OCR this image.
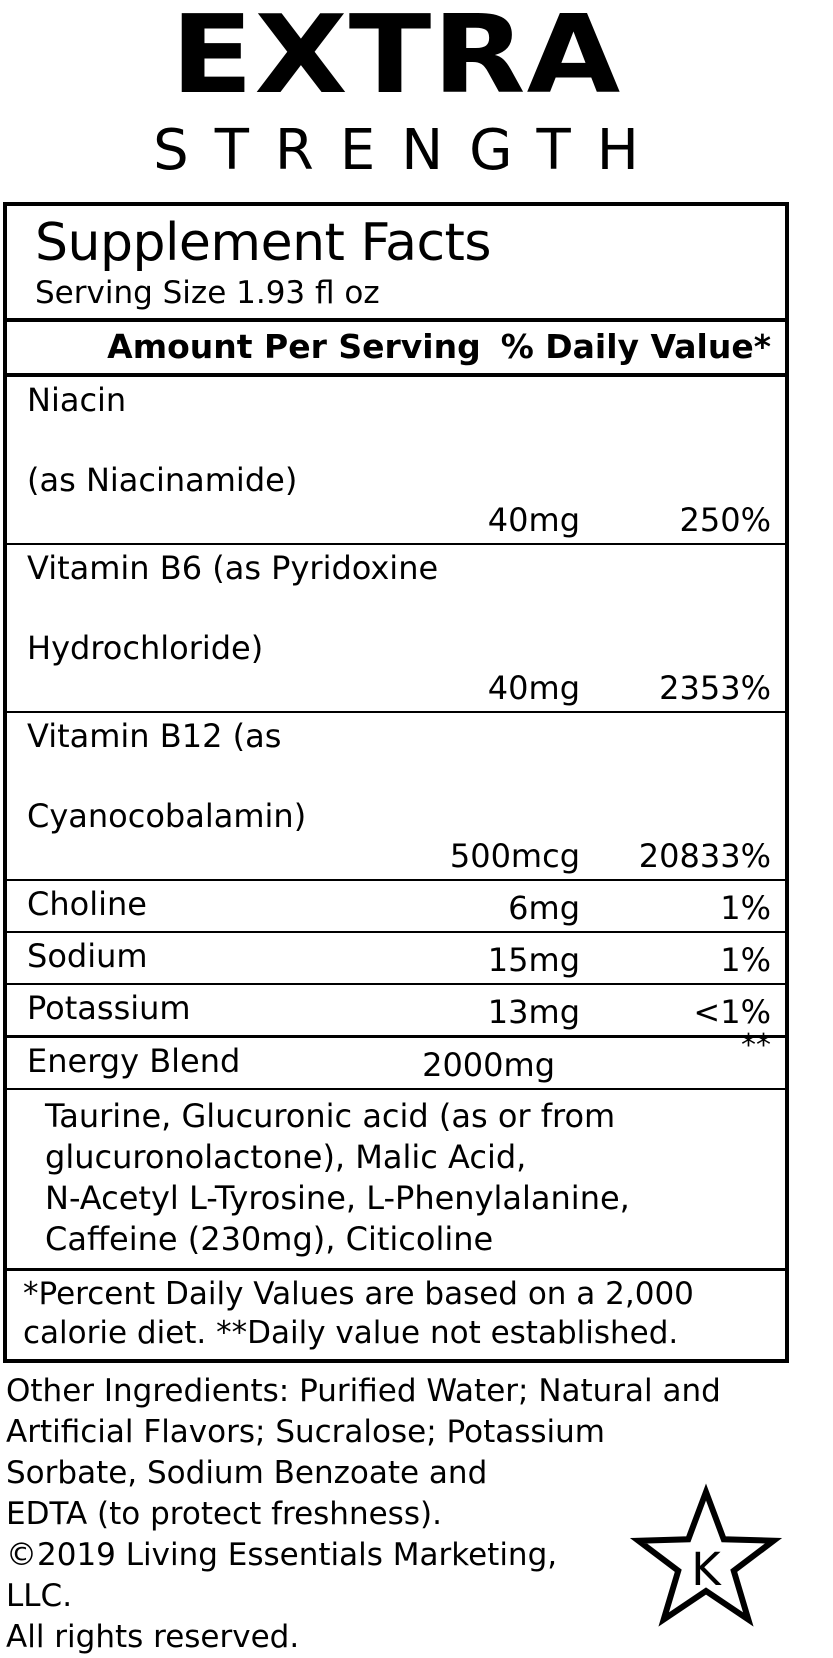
EXTRA
STRENGTH
Supplement Facts
Serving Size 1.93 fl oz
Amount Per Serving % Daily Value*
Niacin
(as Niacinamide)
40mg	250%
Vitamin B6 (as Pyridoxine
Hydrochloride)
40mg	2353%
Vitamin B12 (as
Cyanocobalamin)
500mcg	20833%
Choline	6mg	1%
Sodium	15mg	1%
Potassium	13mg	<1%
Energy Blend	2000mg
**
Taurine, Glucuronic acid (as or from
glucuronolactone), Malic Acid,
N-Acetyl L-Tyrosine, L-Phenylalanine,
Caffeine (230mg), Citicoline
*Percent Daily Values are based on a 2,000
calorie diet. **Daily value not established.
Other Ingredients: Purified Water; Natural and
Artificial Flavors; Sucralose; Potassium
Sorbate, Sodium Benzoate and
EDTA (to protect freshness).
©2019 Living Essentials Marketing, LLC.
All rights reserved.
K
